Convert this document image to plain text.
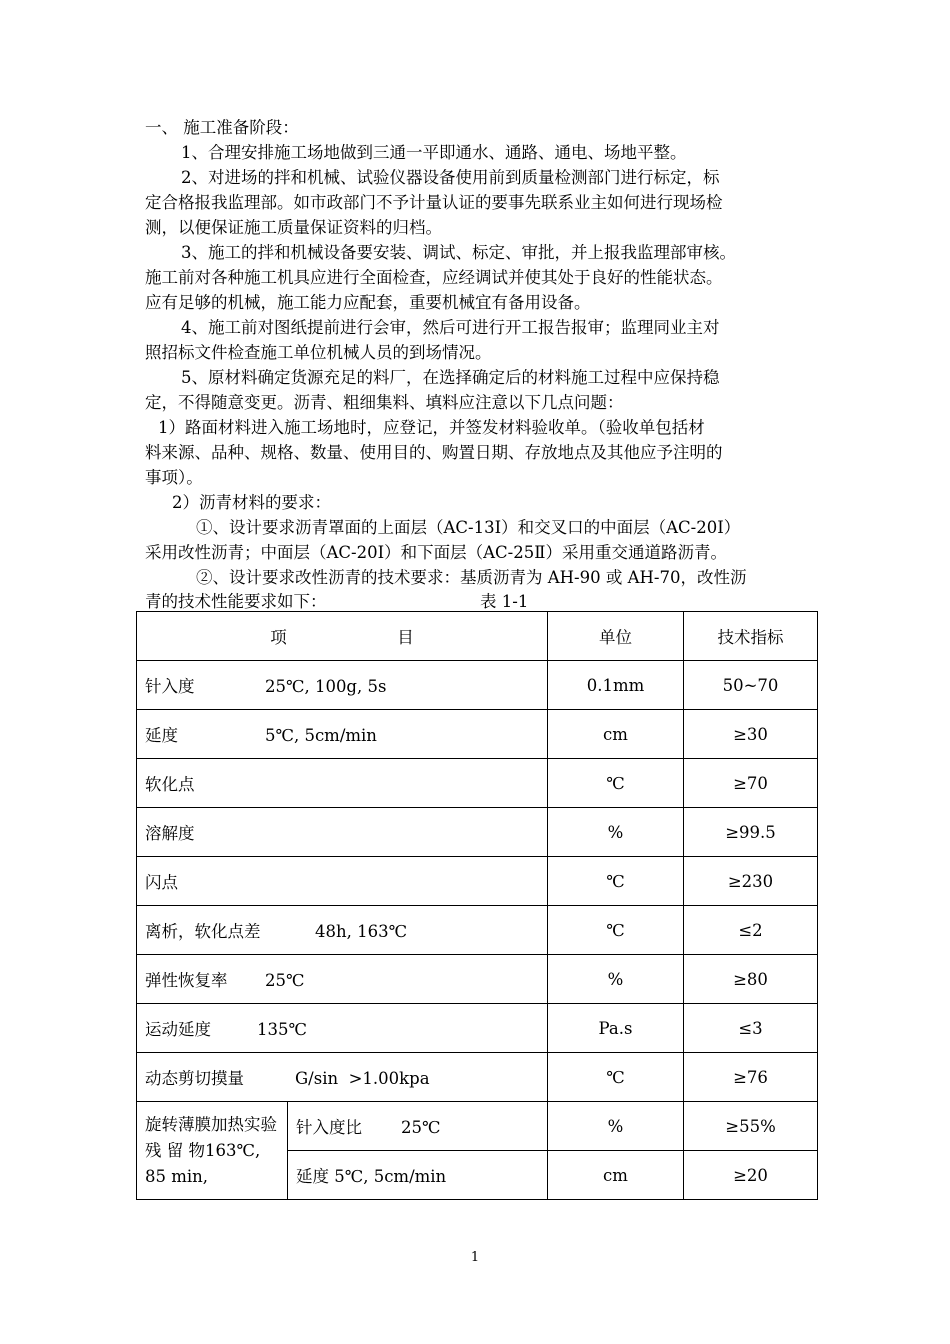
一、 施工准备阶段：
1、合理安排施工场地做到三通一平即通水、通路、通电、场地平整。
2、对进场的拌和机械、试验仪器设备使用前到质量检测部门进行标定，标
定合格报我监理部。如市政部门不予计量认证的要事先联系业主如何进行现场检
测，以便保证施工质量保证资料的归档。
3、施工的拌和机械设备要安装、调试、标定、审批，并上报我监理部审核。
施工前对各种施工机具应进行全面检查，应经调试并使其处于良好的性能状态。
应有足够的机械，施工能力应配套，重要机械宜有备用设备。
4、施工前对图纸提前进行会审，然后可进行开工报告报审；监理同业主对
照招标文件检查施工单位机械人员的到场情况。
5、原材料确定货源充足的料厂，在选择确定后的材料施工过程中应保持稳
定，不得随意变更。沥青、粗细集料、填料应注意以下几点问题：
1）路面材料进入施工场地时，应登记，并签发材料验收单。（验收单包括材
料来源、品种、规格、数量、使用目的、购置日期、存放地点及其他应予注明的
事项）。
2）沥青材料的要求：
①、设计要求沥青罩面的上面层（AC-13Ⅰ）和交叉口的中面层（AC-20Ⅰ）
采用改性沥青；中面层（AC-20Ⅰ）和下面层（AC-25Ⅱ）采用重交通道路沥青。
②、设计要求改性沥青的技术要求：基质沥青为 AH-90 或 AH-70，改性沥
青的技术性能要求如下：	表 1-1
项 目		单位	技术指标
针入度 25℃, 100g, 5s		0.1mm	50~70
延度 5℃, 5cm/min		cm	≥30
软化点		℃	≥70
溶解度		%	≥99.5
闪点		℃	≥230
离析，软化点差 48h, 163℃		℃	≤2
弹性恢复率 25℃		%	≥80
运动延度 135℃		Pa.s	≤3
动态剪切摸量 G/sin  >1.00kpa		℃	≥76
旋转薄膜加热实验 残 留 物163℃, 85 min,	针入度比 25℃	%	≥55%
	延度 5℃, 5cm/min	cm	≥20
1
